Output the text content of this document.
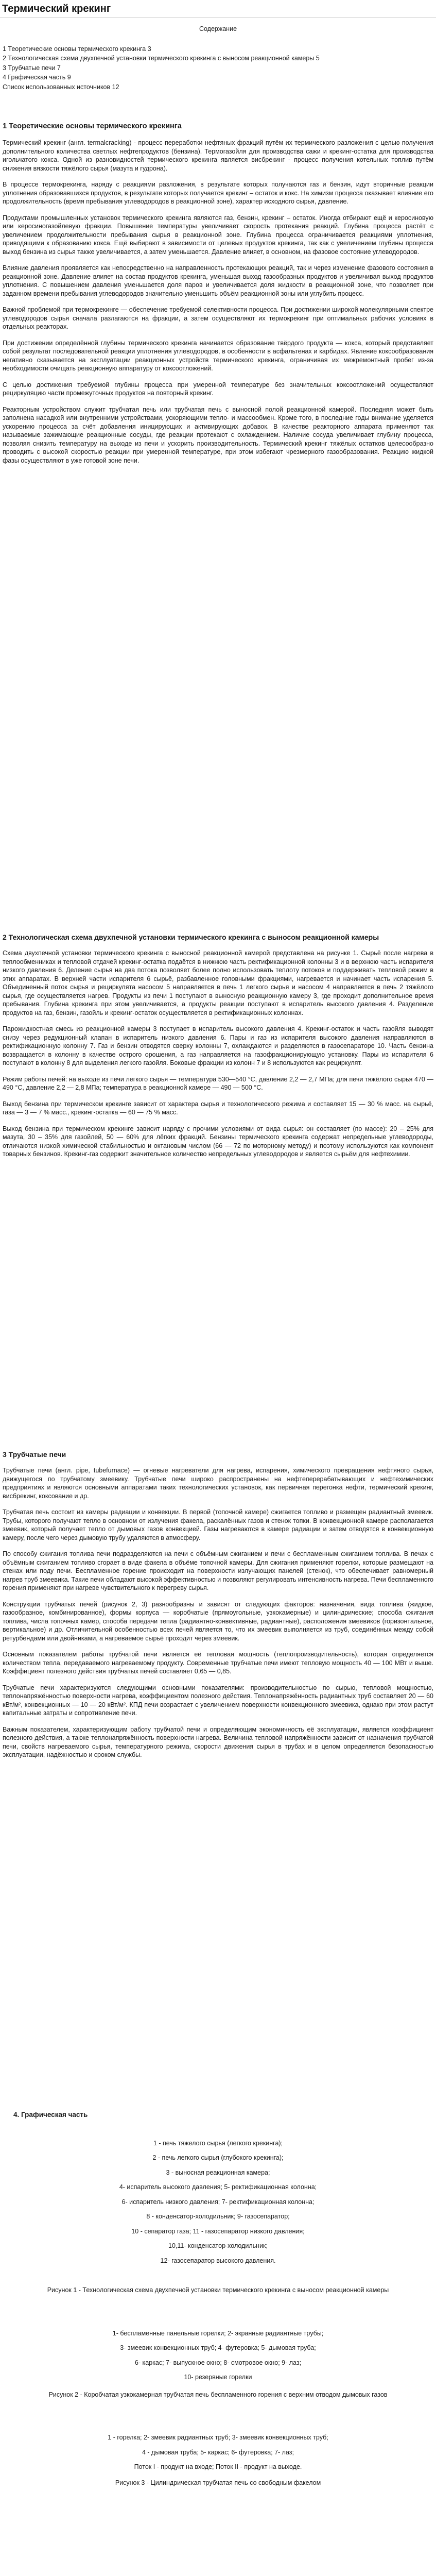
Термический крекинг

Содержание

1 Теоретические основы термического крекинга 3

2 Технологическая схема двухпечной установки термического крекинга с выносом реакционной камеры 5

3 Трубчатые печи 7

4 Графическая часть 9

Список использованных источников 12

1 Теоретические основы термического крекинга

Термический крекинг (англ. termalcracking) - процесс переработки нефтяных фракций путём их термического разложения с целью получения дополнительного количества светлых нефтепродуктов (бензина). Термогазойля для производства сажи и крекинг-остатка для производства игольчатого кокса. Одной из разновидностей термического крекинга является висбрекинг - процесс получения котельных топлив путём снижения вязкости тяжёлого сырья (мазута и гудрона).

В процессе термокрекинга, наряду с реакциями разложения, в результате которых получаются газ и бензин, идут вторичные реакции уплотнения образовавшихся продуктов, в результате которых получается крекинг – остаток и кокс. На химизм процесса оказывает влияние его продолжительность (время пребывания углеводородов в реакционной зоне), характер исходного сырья, давление.

Продуктами промышленных установок термического крекинга являются газ, бензин, крекинг – остаток. Иногда отбирают ещё и керосиновую или керосиногазойлевую фракции. Повышение температуры увеличивает скорость протекания реакций. Глубина процесса растёт с увеличением продолжительности пребывания сырья в реакционной зоне. Глубина процесса ограничивается реакциями уплотнения, приводящими к образованию кокса. Ещё выбирают в зависимости от целевых продуктов крекинга, так как с увеличением глубины процесса выход бензина из сырья также увеличивается, а затем уменьшается. Давление влияет, в основном, на фазовое состояние углеводородов.

Влияние давления проявляется как непосредственно на направленность протекающих реакций, так и через изменение фазового состояния в реакционной зоне. Давление влияет на состав продуктов крекинга, уменьшая выход газообразных продуктов и увеличивая выход продуктов уплотнения. С повышением давления уменьшается доля паров и увеличивается доля жидкости в реакционной зоне, что позволяет при заданном времени пребывания углеводородов значительно уменьшить объём реакционной зоны или углубить процесс.

Важной проблемой при термокрекинге — обеспечение требуемой селективности процесса. При достижении широкой молекулярными спектре углеводородов сырья сначала разлагаются на фракции, а затем осуществляют их термокрекинг при оптимальных рабочих условиях в отдельных реакторах.

При достижении определённой глубины термического крекинга начинается образование твёрдого продукта — кокса, который представляет собой результат последовательной реакции уплотнения углеводородов, в особенности в асфальтенах и карбидах. Явление коксообразования негативно сказывается на эксплуатации реакционных устройств термического крекинга, ограничивая их межремонтный пробег из-за необходимости очищать реакционную аппаратуру от коксоотложений.

С целью достижения требуемой глубины процесса при умеренной температуре без значительных коксоотложений осуществляют рециркуляцию части промежуточных продуктов на повторный крекинг.

Реакторным устройством служит трубчатая печь или трубчатая печь с выносной полой реакционной камерой. Последняя может быть заполнена насадкой или внутренними устройствами, ускоряющими тепло- и массообмен. Кроме того, в последние годы внимание уделяется ускорению процесса за счёт добавления иницирующих и активирующих добавок. В качестве реакторного аппарата применяют так называемые зажимающие реакционные сосуды, где реакции протекают с охлаждением. Наличие сосуда увеличивает глубину процесса, позволяя снизить температуру на выходе из печи и ускорить производительность. Термический крекинг тяжёлых остатков целесообразно проводить с высокой скоростью реакции при умеренной температуре, при этом избегают чрезмерного газообразования. Реакцию жидкой фазы осуществляют в уже готовой зоне печи.

2 Технологическая схема двухпечной установки термического крекинга с выносом реакционной камеры

Схема двухпечной установки термического крекинга с выносной реакционной камерой представлена на рисунке 1. Сырьё после нагрева в теплообменниках и тепловой отдачей крекинг-остатка подаётся в нижнюю часть ректификационной колонны 3 и в верхнюю часть испарителя низкого давления 6. Деление сырья на два потока позволяет более полно использовать теплоту потоков и поддерживать тепловой режим в этих аппаратах. В верхней части испарителя 6 сырьё, разбавленное головными фракциями, нагревается и начинает часть испарения 5. Объединенный поток сырья и рециркулята насосом 5 направляется в печь 1 легкого сырья и насосом 4 направляется в печь 2 тяжёлого сырья, где осуществляется нагрев. Продукты из печи 1 поступают в выносную реакционную камеру 3, где проходит дополнительное время пребывания. Глубина крекинга при этом увеличивается, а продукты реакции поступают в испаритель высокого давления 4. Разделение продуктов на газ, бензин, газойль и крекинг-остаток осуществляется в ректификационных колоннах.

Парожидкостная смесь из реакционной камеры 3 поступает в испаритель высокого давления 4. Крекинг-остаток и часть газойля выводят снизу через редукционный клапан в испаритель низкого давления 6. Пары и газ из испарителя высокого давления направляются в ректификационную колонну 7. Газ и бензин отводятся сверху колонны 7, охлаждаются и разделяются в газосепараторе 10. Часть бензина возвращается в колонну в качестве острого орошения, а газ направляется на газофракционирующую установку. Пары из испарителя 6 поступают в колонну 8 для выделения легкого газойля. Боковые фракции из колонн 7 и 8 используются как рециркулят.

Режим работы печей: на выходе из печи легкого сырья — температура 530—540 °С, давление 2,2 — 2,7 МПа; для печи тяжёлого сырья 470 — 490 °С, давление 2,2 — 2,8 МПа; температура в реакционной камере — 490 — 500 °С.

Выход бензина при термическом крекинге зависит от характера сырья и технологического режима и составляет 15 — 30 % масс. на сырьё, газа — 3 — 7 % масс., крекинг-остатка — 60 — 75 % масс.

Выход бензина при термическом крекинге зависит наряду с прочими условиями от вида сырья: он составляет (по массе): 20 – 25% для мазута, 30 – 35% для газойлей, 50 — 60% для лёгких фракций. Бензины термического крекинга содержат непредельные углеводороды, отличаются низкой химической стабильностью и октановым числом (66 — 72 по моторному методу) и поэтому используются как компонент товарных бензинов. Крекинг-газ содержит значительное количество непредельных углеводородов и является сырьём для нефтехимии.

3 Трубчатые печи

Трубчатые печи (англ. pipe, tubefurnace) — огневые нагреватели для нагрева, испарения, химического превращения нефтяного сырья, движущегося по трубчатому змеевику. Трубчатые печи широко распространены на нефтеперерабатывающих и нефтехимических предприятиях и являются основными аппаратами таких технологических установок, как первичная перегонка нефти, термический крекинг, висбрекинг, коксование и др.

Трубчатая печь состоит из камеры радиации и конвекции. В первой (топочной камере) сжигается топливо и размещен радиантный змеевик. Трубы, которого получают тепло в основном от излучения факела, раскалённых газов и стенок топки. В конвекционной камере располагается змеевик, который получает тепло от дымовых газов конвекцией. Газы нагреваются в камере радиации и затем отводятся в конвекционную камеру, после чего через дымовую трубу удаляются в атмосферу.

По способу сжигания топлива печи подразделяются на печи с объёмным сжиганием и печи с беспламенным сжиганием топлива. В печах с объёмным сжиганием топливо сгорает в виде факела в объёме топочной камеры. Для сжигания применяют горелки, которые размещают на стенах или поду печи. Беспламенное горение происходит на поверхности излучающих панелей (стенок), что обеспечивает равномерный нагрев труб змеевика. Такие печи обладают высокой эффективностью и позволяют регулировать интенсивность нагрева. Печи беспламенного горения применяют при нагреве чувствительного к перегреву сырья.

Конструкции трубчатых печей (рисунок 2, 3) разнообразны и зависят от следующих факторов: назначения, вида топлива (жидкое, газообразное, комбинированное), формы корпуса — коробчатые (прямоугольные, узкокамерные) и цилиндрические; способа сжигания топлива, числа топочных камер, способа передачи тепла (радиантно-конвективные, радиантные), расположения змеевиков (горизонтальное, вертикальное) и др. Отличительной особенностью всех печей является то, что их змеевик выполняется из труб, соединённых между собой ретурбендами или двойниками, а нагреваемое сырьё проходит через змеевик.

Основным показателем работы трубчатой печи является её тепловая мощность (теплопроизводительность), которая определяется количеством тепла, передаваемого нагреваемому продукту. Современные трубчатые печи имеют тепловую мощность 40 — 100 МВт и выше. Коэффициент полезного действия трубчатых печей составляет 0,65 — 0,85.

Трубчатые печи характеризуются следующими основными показателями: производительностью по сырью, тепловой мощностью, теплонапряжённостью поверхности нагрева, коэффициентом полезного действия. Теплонапряжённость радиантных труб составляет 20 — 60 кВт/м², конвекционных — 10 — 20 кВт/м². КПД печи возрастает с увеличением поверхности конвекционного змеевика, однако при этом растут капитальные затраты и сопротивление печи.

Важным показателем, характеризующим работу трубчатой печи и определяющим экономичность её эксплуатации, является коэффициент полезного действия, а также теплонапряжённость поверхности нагрева. Величина тепловой напряжённости зависит от назначения трубчатой печи, свойств нагреваемого сырья, температурного режима, скорости движения сырья в трубах и в целом определяется безопасностью эксплуатации, надёжностью и сроком службы.

4. Графическая часть

1 - печь тяжелого сырья (легкого крекинга);

2 - печь легкого сырья (глубокого крекинга);

3 - выносная реакционная камера;

4- испаритель высокого давления; 5- ректификационная колонна;

6- испаритель низкого давления; 7- ректификационная колонна;

8 - конденсатор-холодильник; 9- газосепаратор;

10 - сепаратор газа; 11 - газосепаратор низкого давления;

10,11- конденсатор-холодильник;

12- газосепаратор высокого давления.

Рисунок 1 - Технологическая схема двухпечной установки термического крекинга с выносом реакционной камеры

1- беспламенные панельные горелки; 2- экранные радиантные трубы;

3- змеевик конвекционных труб; 4- футеровка; 5- дымовая труба;

6- каркас; 7- выпускное окно; 8- смотровое окно; 9- лаз;

10- резервные горелки

Рисунок 2 - Коробчатая узкокамерная трубчатая печь беспламенного горения с верхним отводом дымовых газов

1 - горелка; 2- змеевик радиантных труб; 3- змеевик конвекционных труб;

4 - дымовая труба; 5- каркас; 6- футеровка; 7- лаз;

Поток I - продукт на входе; Поток II - продукт на выходе.

Рисунок 3 - Цилиндрическая трубчатая печь со свободным факелом
